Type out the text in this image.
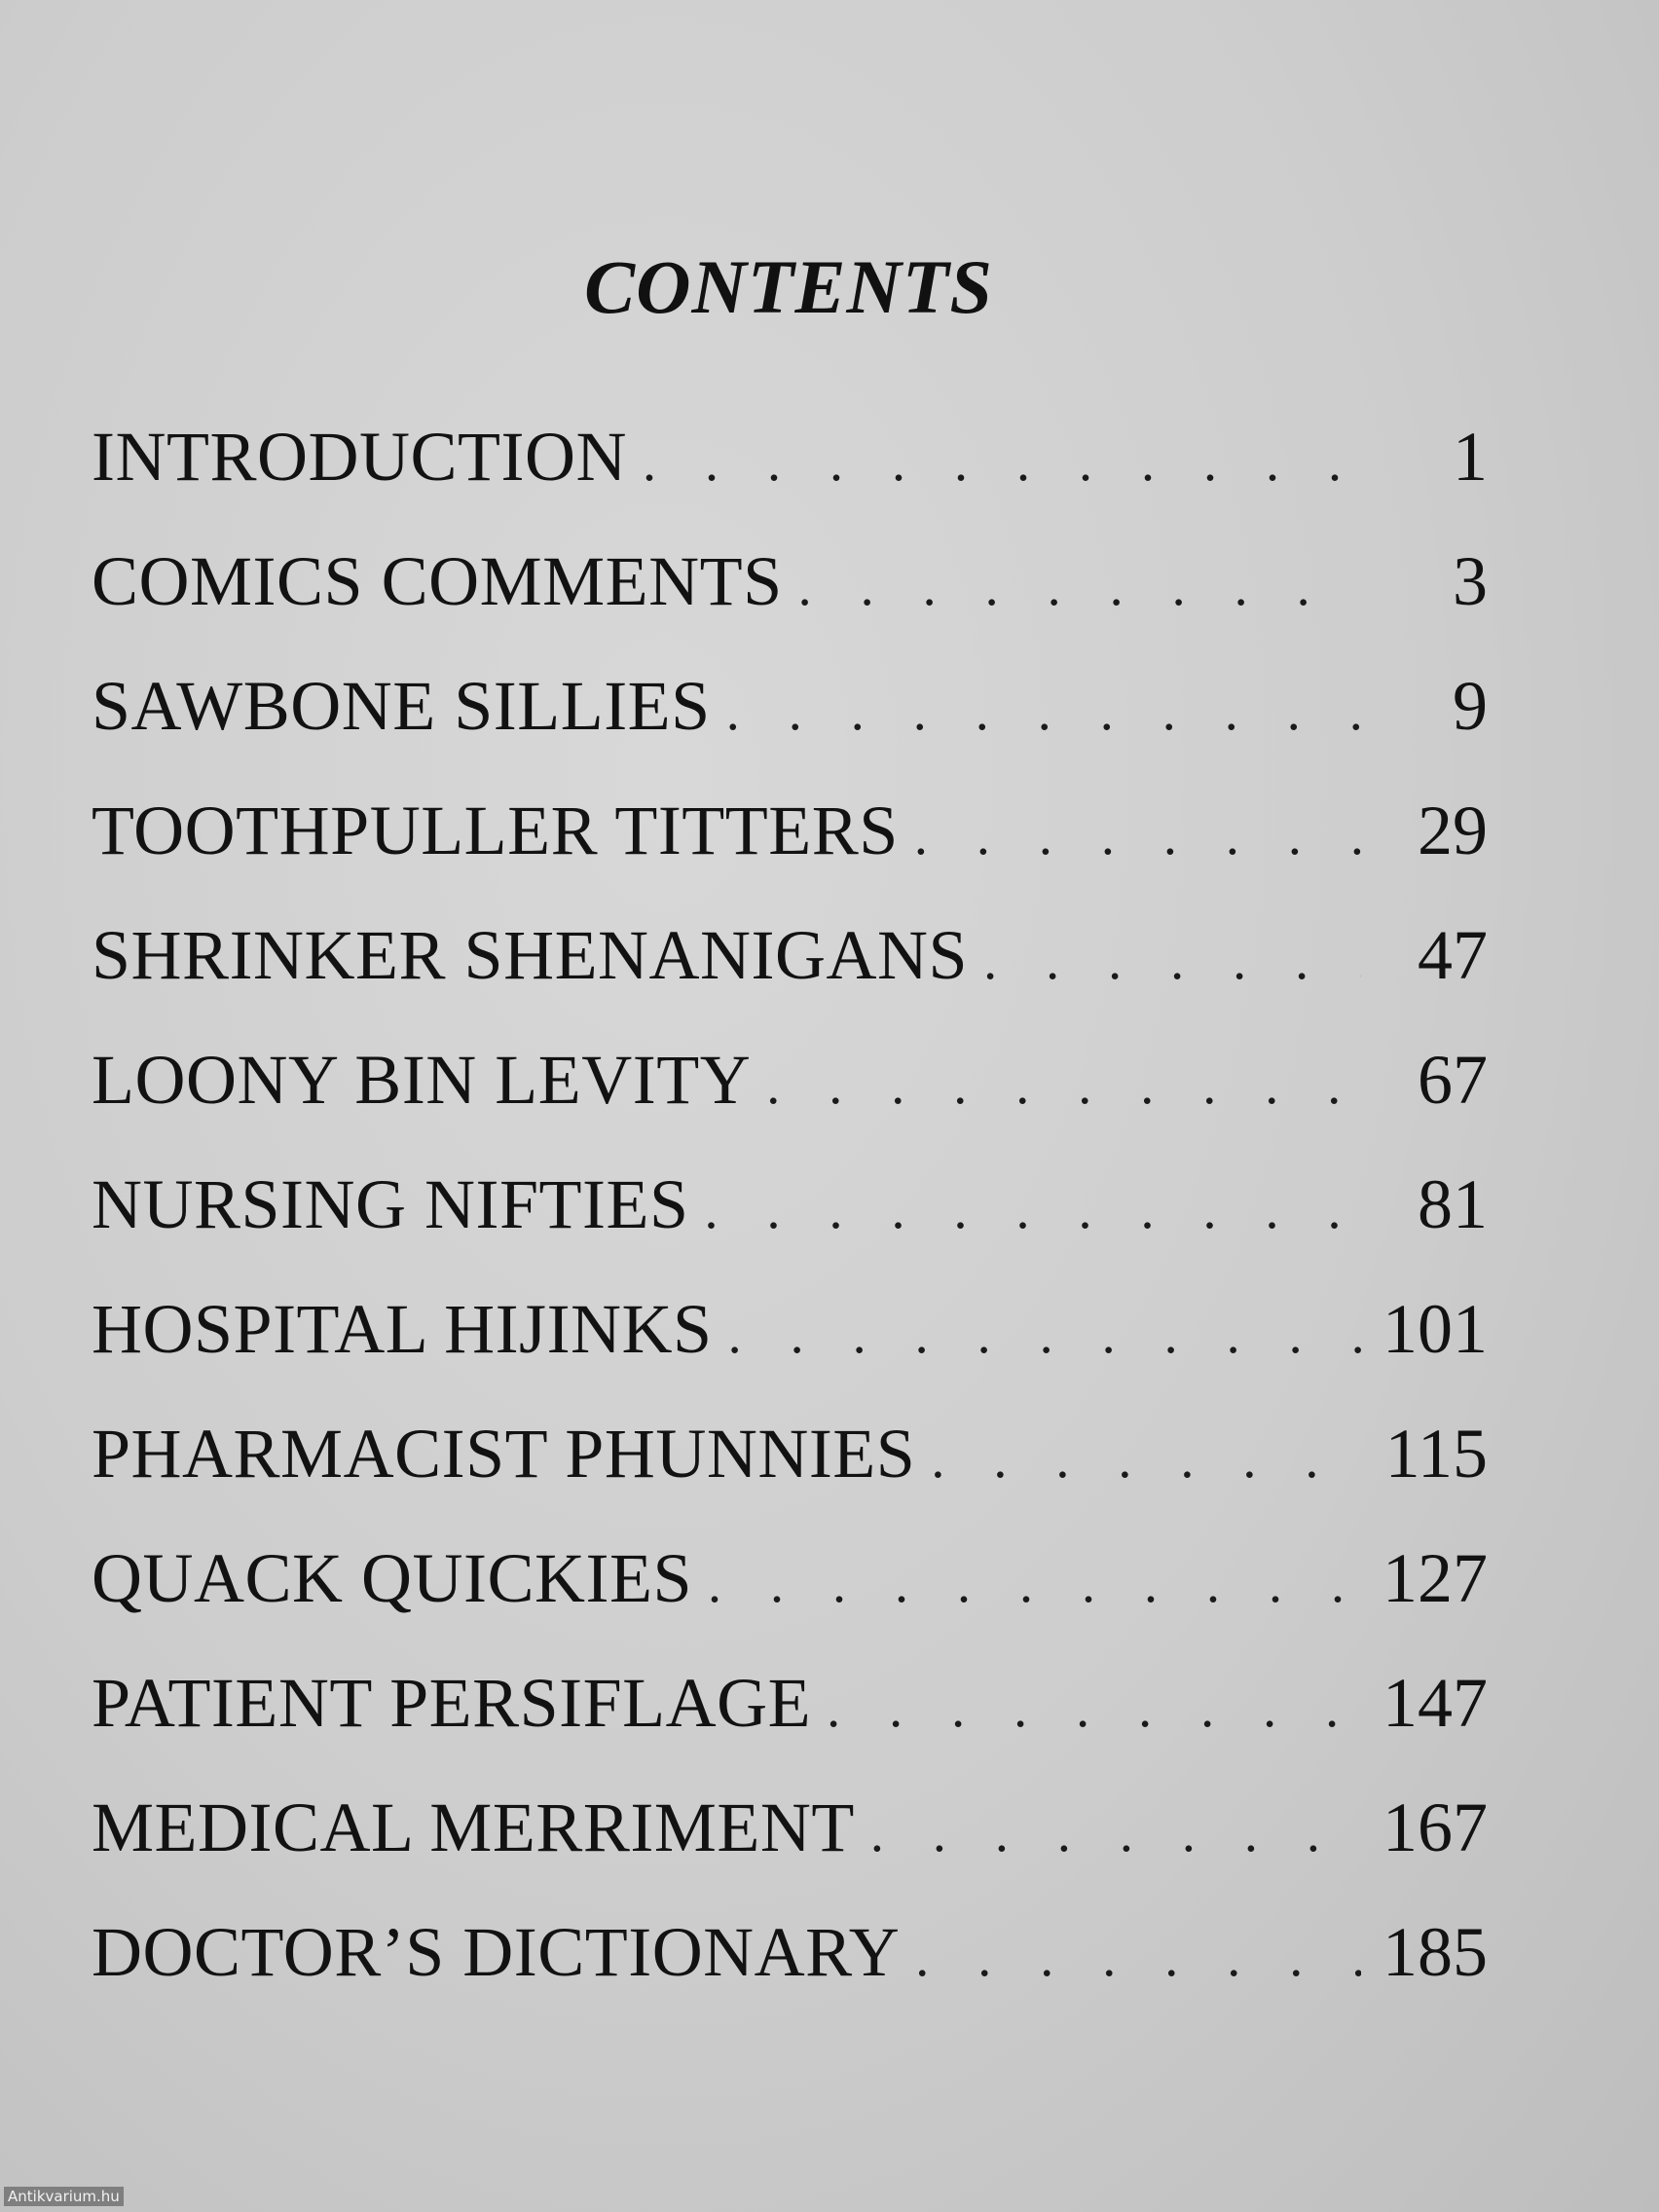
CONTENTS
INTRODUCTION . . .	1
COMICS COMMENTS . . .	3
SAWBONE SILLIES . . .	9
TOOTHPULLER TITTERS . . .	29
SHRINKER SHENANIGANS . . .	47
LOONY BIN LEVITY . . .	67
NURSING NIFTIES . . .	81
HOSPITAL HIJINKS . . .	101
PHARMACIST PHUNNIES . . .	115
QUACK QUICKIES . . .	127
PATIENT PERSIFLAGE . . .	147
MEDICAL MERRIMENT . . .	167
DOCTOR’S DICTIONARY . . .	185
Antikvarium.hu
